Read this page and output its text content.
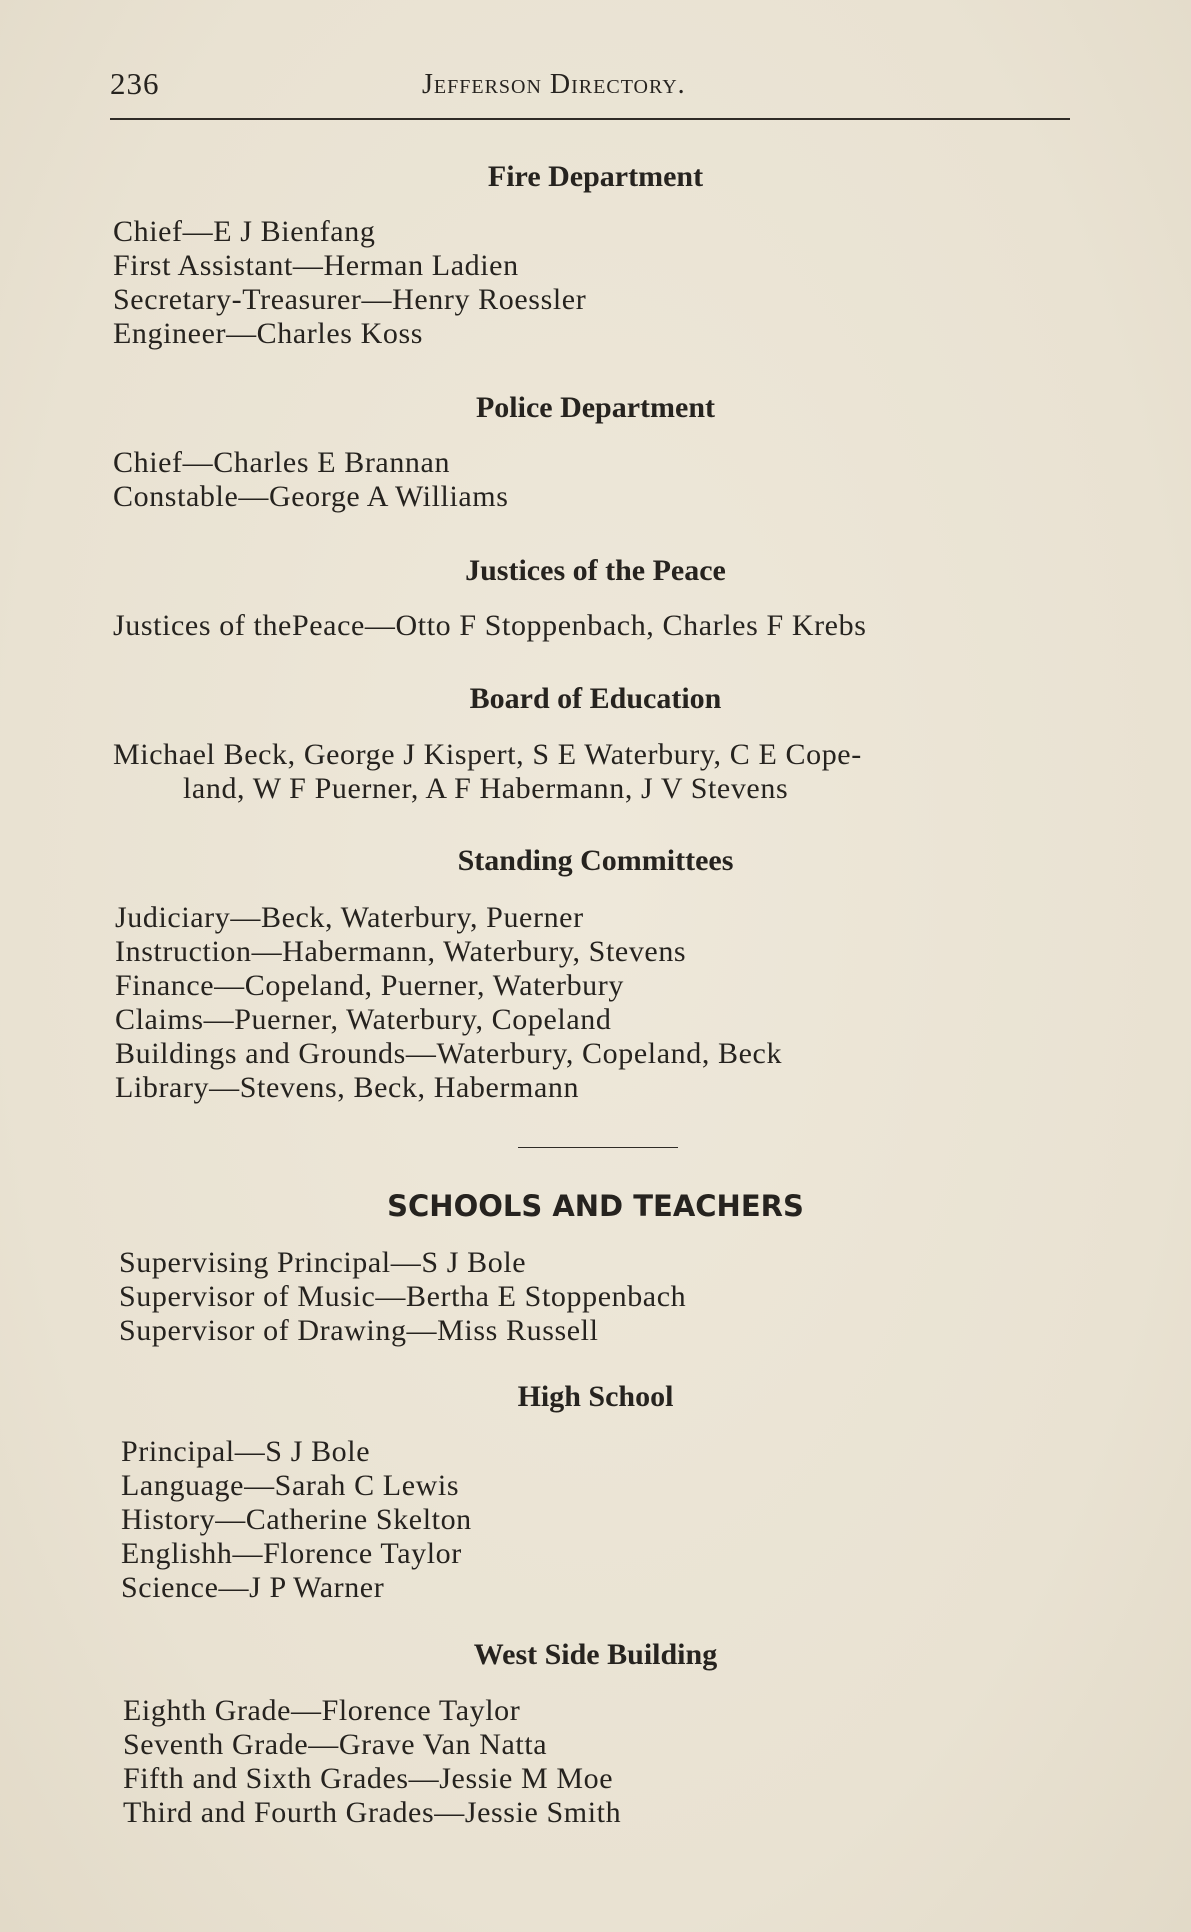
236	Jefferson Directory.
Fire Department
Chief—E J Bienfang
First Assistant—Herman Ladien
Secretary-Treasurer—Henry Roessler
Engineer—Charles Koss
Police Department
Chief—Charles E Brannan
Constable—George A Williams
Justices of the Peace
Justices of thePeace—Otto F Stoppenbach, Charles F Krebs
Board of Education
Michael Beck, George J Kispert, S E Waterbury, C E Cope-
land, W F Puerner, A F Habermann, J V Stevens
Standing Committees
Judiciary—Beck, Waterbury, Puerner
Instruction—Habermann, Waterbury, Stevens
Finance—Copeland, Puerner, Waterbury
Claims—Puerner, Waterbury, Copeland
Buildings and Grounds—Waterbury, Copeland, Beck
Library—Stevens, Beck, Habermann
SCHOOLS AND TEACHERS
Supervising Principal—S J Bole
Supervisor of Music—Bertha E Stoppenbach
Supervisor of Drawing—Miss Russell
High School
Principal—S J Bole
Language—Sarah C Lewis
History—Catherine Skelton
Englishh—Florence Taylor
Science—J P Warner
West Side Building
Eighth Grade—Florence Taylor
Seventh Grade—Grave Van Natta
Fifth and Sixth Grades—Jessie M Moe
Third and Fourth Grades—Jessie Smith
